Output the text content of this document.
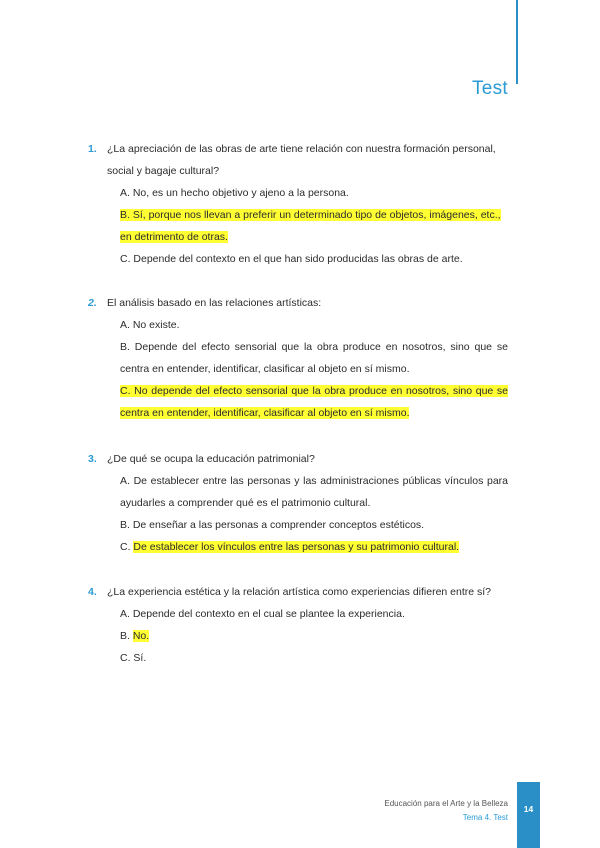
Test
1. ¿La apreciación de las obras de arte tiene relación con nuestra formación personal, social y bagaje cultural?
A. No, es un hecho objetivo y ajeno a la persona.
B. Sí, porque nos llevan a preferir un determinado tipo de objetos, imágenes, etc., en detrimento de otras.
C. Depende del contexto en el que han sido producidas las obras de arte.
2. El análisis basado en las relaciones artísticas:
A. No existe.
B. Depende del efecto sensorial que la obra produce en nosotros, sino que se centra en entender, identificar, clasificar al objeto en sí mismo.
C. No depende del efecto sensorial que la obra produce en nosotros, sino que se centra en entender, identificar, clasificar al objeto en sí mismo.
3. ¿De qué se ocupa la educación patrimonial?
A. De establecer entre las personas y las administraciones públicas vínculos para ayudarles a comprender qué es el patrimonio cultural.
B. De enseñar a las personas a comprender conceptos estéticos.
C. De establecer los vínculos entre las personas y su patrimonio cultural.
4. ¿La experiencia estética y la relación artística como experiencias difieren entre sí?
A. Depende del contexto en el cual se plantee la experiencia.
B. No.
C. Sí.
Educación para el Arte y la Belleza
Tema 4. Test
14
